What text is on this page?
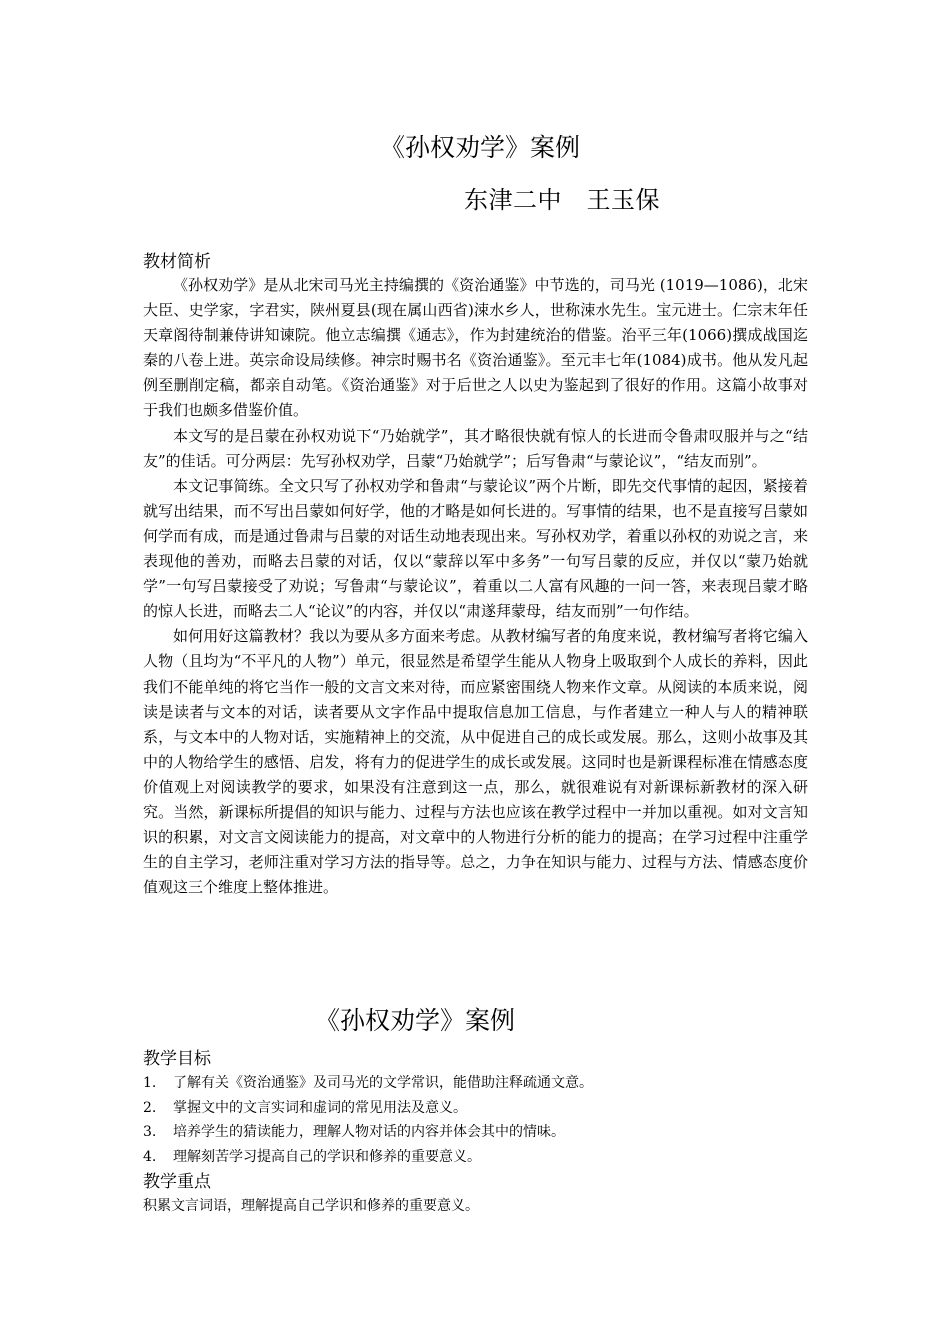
《孙权劝学》案例
东津二中　王玉保
教材简析

《孙权劝学》是从北宋司马光主持编撰的《资治通鉴》中节选的，司马光 (1019—1086)，北宋大臣、史学家，字君实，陕州夏县(现在属山西省)涑水乡人，世称涑水先生。宝元进士。仁宗末年任天章阁待制兼侍讲知谏院。他立志编撰《通志》，作为封建统治的借鉴。治平三年(1066)撰成战国迄秦的八卷上进。英宗命设局续修。神宗时赐书名《资治通鉴》。至元丰七年(1084)成书。他从发凡起例至删削定稿，都亲自动笔。《资治通鉴》对于后世之人以史为鉴起到了很好的作用。这篇小故事对于我们也颇多借鉴价值。

本文写的是吕蒙在孙权劝说下“乃始就学”，其才略很快就有惊人的长进而令鲁肃叹服并与之“结友”的佳话。可分两层：先写孙权劝学，吕蒙“乃始就学”；后写鲁肃“与蒙论议”，“结友而别”。

本文记事简练。全文只写了孙权劝学和鲁肃“与蒙论议”两个片断，即先交代事情的起因，紧接着就写出结果，而不写出吕蒙如何好学，他的才略是如何长进的。写事情的结果，也不是直接写吕蒙如何学而有成，而是通过鲁肃与吕蒙的对话生动地表现出来。写孙权劝学，着重以孙权的劝说之言，来表现他的善劝，而略去吕蒙的对话，仅以“蒙辞以军中多务”一句写吕蒙的反应，并仅以“蒙乃始就学”一句写吕蒙接受了劝说；写鲁肃“与蒙论议”，着重以二人富有风趣的一问一答，来表现吕蒙才略的惊人长进，而略去二人“论议”的内容，并仅以“肃遂拜蒙母，结友而别”一句作结。

如何用好这篇教材？我以为要从多方面来考虑。从教材编写者的角度来说，教材编写者将它编入人物（且均为“不平凡的人物”）单元，很显然是希望学生能从人物身上吸取到个人成长的养料，因此我们不能单纯的将它当作一般的文言文来对待，而应紧密围绕人物来作文章。从阅读的本质来说，阅读是读者与文本的对话，读者要从文字作品中提取信息加工信息，与作者建立一种人与人的精神联系，与文本中的人物对话，实施精神上的交流，从中促进自己的成长或发展。那么，这则小故事及其中的人物给学生的感悟、启发，将有力的促进学生的成长或发展。这同时也是新课程标准在情感态度价值观上对阅读教学的要求，如果没有注意到这一点，那么，就很难说有对新课标新教材的深入研究。当然，新课标所提倡的知识与能力、过程与方法也应该在教学过程中一并加以重视。如对文言知识的积累，对文言文阅读能力的提高，对文章中的人物进行分析的能力的提高；在学习过程中注重学生的自主学习，老师注重对学习方法的指导等。总之，力争在知识与能力、过程与方法、情感态度价值观这三个维度上整体推进。

《孙权劝学》案例
教学目标
1.	了解有关《资治通鉴》及司马光的文学常识，能借助注释疏通文意。
2.	掌握文中的文言实词和虚词的常见用法及意义。
3.	培养学生的猜读能力，理解人物对话的内容并体会其中的情味。
4.	理解刻苦学习提高自己的学识和修养的重要意义。
教学重点

积累文言词语，理解提高自己学识和修养的重要意义。
